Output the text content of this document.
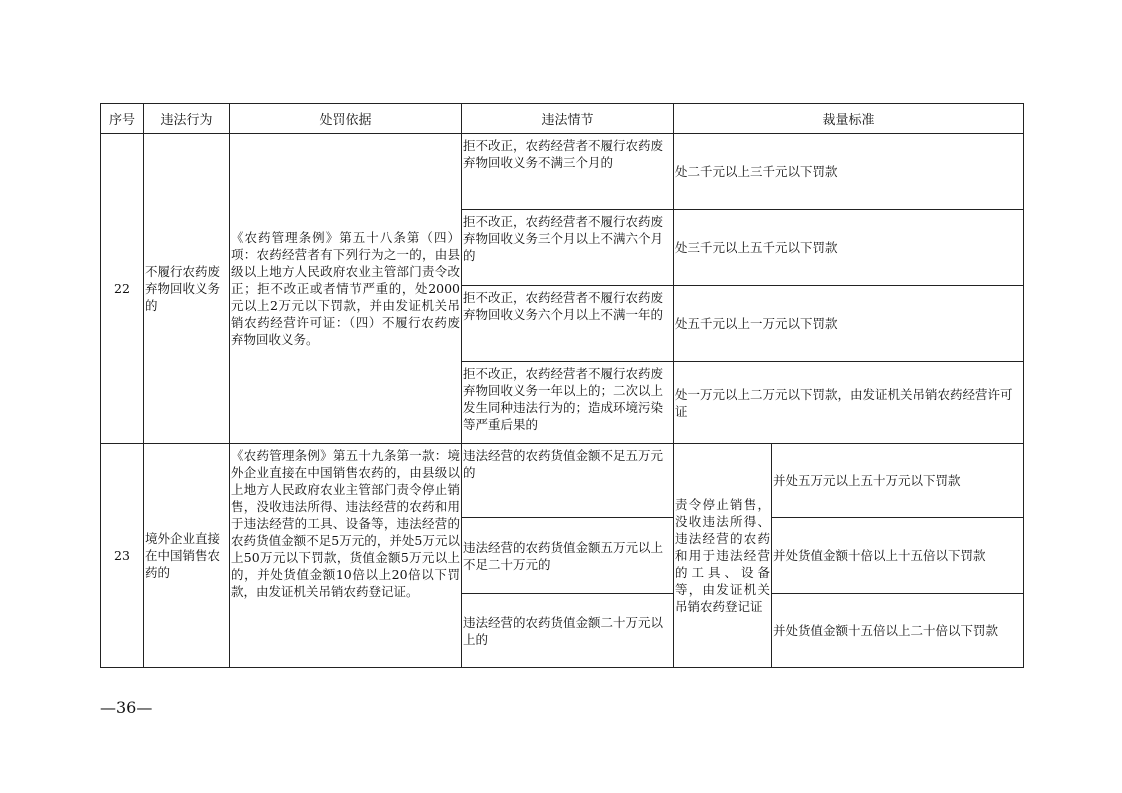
序号	违法行为	处罚依据	违法情节	裁量标准	
22	不履行农药废弃物回收义务的	《农药管理条例》第五十八条第（四）项：农药经营者有下列行为之一的，由县级以上地方人民政府农业主管部门责令改正；拒不改正或者情节严重的，处2000元以上2万元以下罚款，并由发证机关吊销农药经营许可证：（四）不履行农药废弃物回收义务。	拒不改正，农药经营者不履行农药废弃物回收义务不满三个月的	处二千元以上三千元以下罚款	
			拒不改正，农药经营者不履行农药废弃物回收义务三个月以上不满六个月的	处三千元以上五千元以下罚款	
			拒不改正，农药经营者不履行农药废弃物回收义务六个月以上不满一年的	处五千元以上一万元以下罚款	
			拒不改正，农药经营者不履行农药废弃物回收义务一年以上的；二次以上发生同种违法行为的；造成环境污染等严重后果的	处一万元以上二万元以下罚款，由发证机关吊销农药经营许可证	
23	境外企业直接在中国销售农药的	《农药管理条例》第五十九条第一款：境外企业直接在中国销售农药的，由县级以上地方人民政府农业主管部门责令停止销售，没收违法所得、违法经营的农药和用于违法经营的工具、设备等，违法经营的农药货值金额不足5万元的，并处5万元以上50万元以下罚款，货值金额5万元以上的，并处货值金额10倍以上20倍以下罚款，由发证机关吊销农药登记证。	违法经营的农药货值金额不足五万元的	责令停止销售，没收违法所得、违法经营的农药和用于违法经营的工具、设备等，由发证机关吊销农药登记证	并处五万元以上五十万元以下罚款
			违法经营的农药货值金额五万元以上不足二十万元的		并处货值金额十倍以上十五倍以下罚款
			违法经营的农药货值金额二十万元以上的		并处货值金额十五倍以上二十倍以下罚款
—36—
